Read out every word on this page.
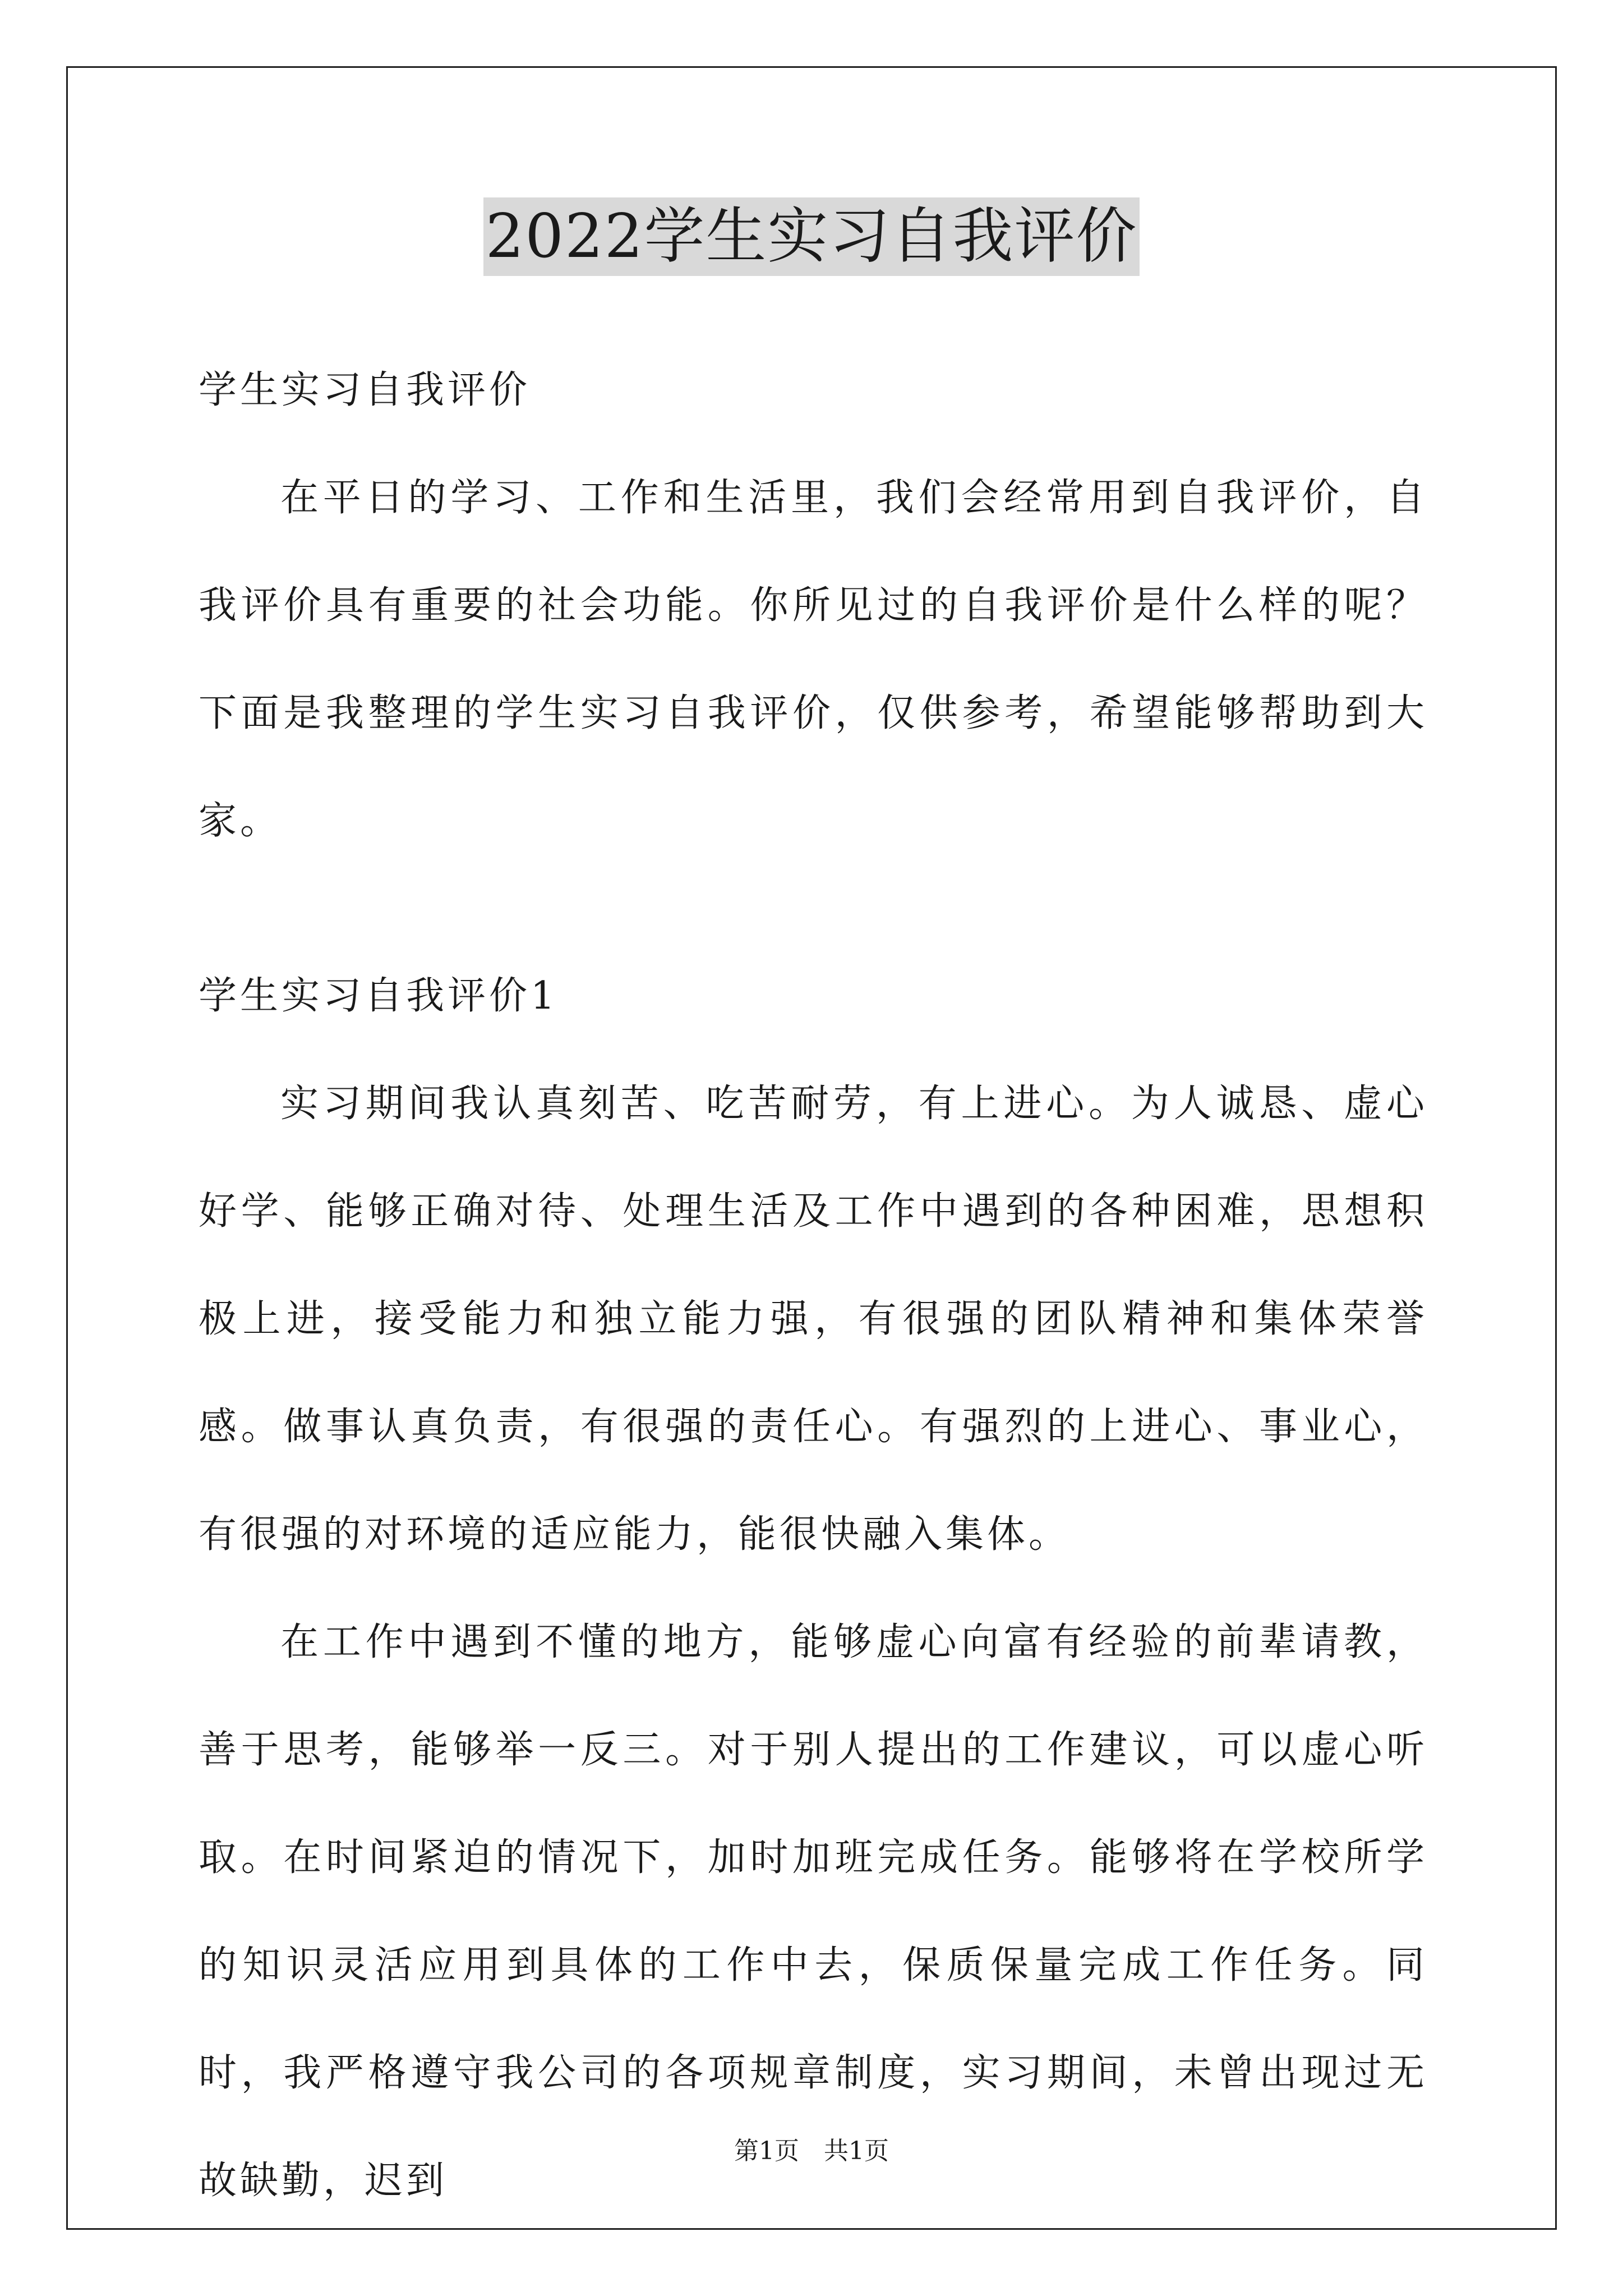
2022学生实习自我评价

学生实习自我评价

在平日的学习、工作和生活里，我们会经常用到自我评价，自我评价具有重要的社会功能。你所见过的自我评价是什么样的呢？下面是我整理的学生实习自我评价，仅供参考，希望能够帮助到大家。

学生实习自我评价1

实习期间我认真刻苦、吃苦耐劳，有上进心。为人诚恳、虚心好学、能够正确对待、处理生活及工作中遇到的各种困难，思想积极上进，接受能力和独立能力强，有很强的团队精神和集体荣誉感。做事认真负责，有很强的责任心。有强烈的上进心、事业心，有很强的对环境的适应能力，能很快融入集体。

在工作中遇到不懂的地方，能够虚心向富有经验的前辈请教，善于思考，能够举一反三。对于别人提出的工作建议，可以虚心听取。在时间紧迫的情况下，加时加班完成任务。能够将在学校所学的知识灵活应用到具体的工作中去，保质保量完成工作任务。同时，我严格遵守我公司的各项规章制度，实习期间，未曾出现过无故缺勤，迟到

第1页　共1页
